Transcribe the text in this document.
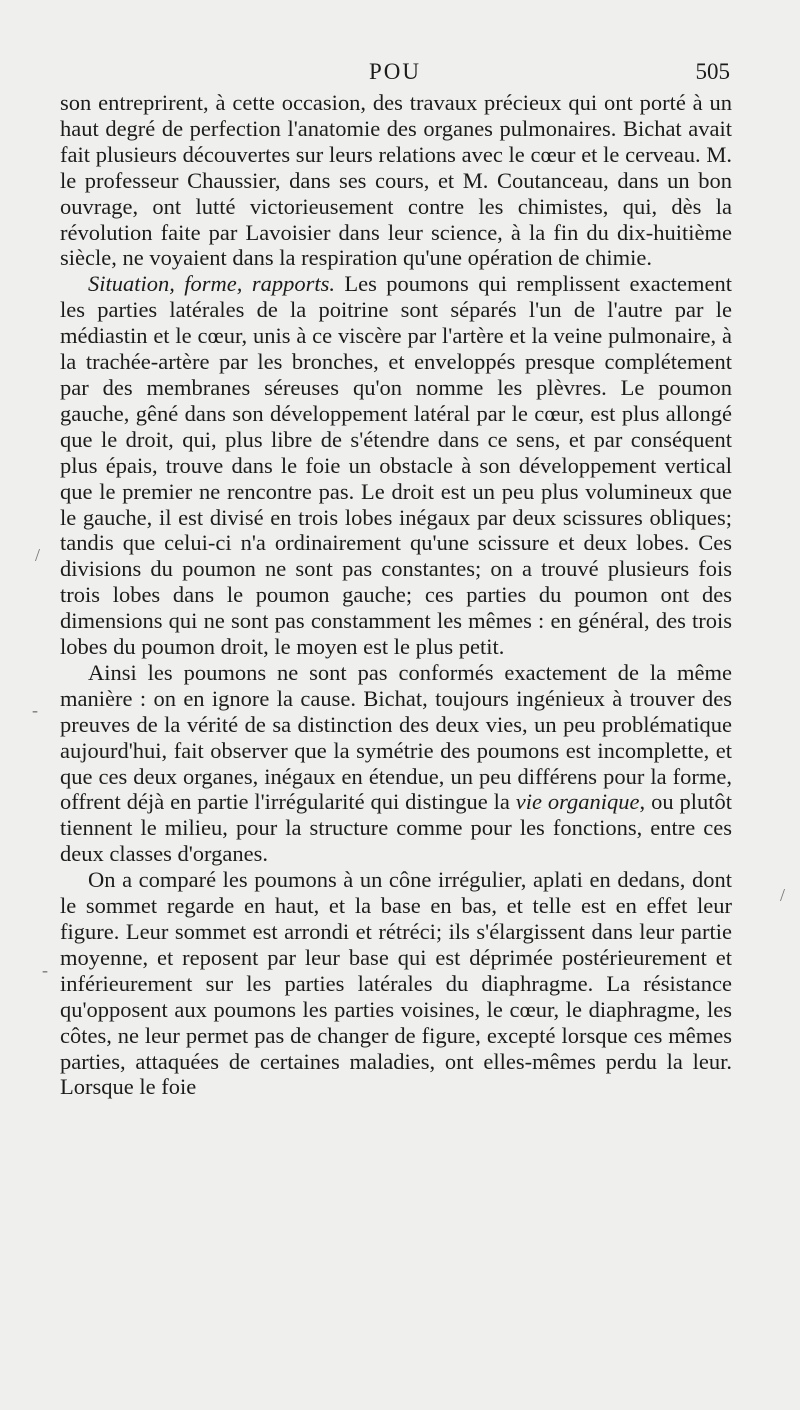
POU	505

son entreprirent, à cette occasion, des travaux précieux qui ont porté à un haut degré de perfection l'anatomie des organes pulmonaires. Bichat avait fait plusieurs découvertes sur leurs relations avec le cœur et le cerveau. M. le professeur Chaussier, dans ses cours, et M. Coutanceau, dans un bon ouvrage, ont lutté victorieusement contre les chimistes, qui, dès la révolution faite par Lavoisier dans leur science, à la fin du dix-huitième siècle, ne voyaient dans la respiration qu'une opération de chimie.

Situation, forme, rapports. Les poumons qui remplissent exactement les parties latérales de la poitrine sont séparés l'un de l'autre par le médiastin et le cœur, unis à ce viscère par l'artère et la veine pulmonaire, à la trachée-artère par les bronches, et enveloppés presque complétement par des membranes séreuses qu'on nomme les plèvres. Le poumon gauche, gêné dans son développement latéral par le cœur, est plus allongé que le droit, qui, plus libre de s'étendre dans ce sens, et par conséquent plus épais, trouve dans le foie un obstacle à son développement vertical que le premier ne rencontre pas. Le droit est un peu plus volumineux que le gauche, il est divisé en trois lobes inégaux par deux scissures obliques; tandis que celui-ci n'a ordinairement qu'une scissure et deux lobes. Ces divisions du poumon ne sont pas constantes; on a trouvé plusieurs fois trois lobes dans le poumon gauche; ces parties du poumon ont des dimensions qui ne sont pas constamment les mêmes : en général, des trois lobes du poumon droit, le moyen est le plus petit.

Ainsi les poumons ne sont pas conformés exactement de la même manière : on en ignore la cause. Bichat, toujours ingénieux à trouver des preuves de la vérité de sa distinction des deux vies, un peu problématique aujourd'hui, fait observer que la symétrie des poumons est incomplette, et que ces deux organes, inégaux en étendue, un peu différens pour la forme, offrent déjà en partie l'irrégularité qui distingue la vie organique, ou plutôt tiennent le milieu, pour la structure comme pour les fonctions, entre ces deux classes d'organes.

On a comparé les poumons à un cône irrégulier, aplati en dedans, dont le sommet regarde en haut, et la base en bas, et telle est en effet leur figure. Leur sommet est arrondi et rétréci; ils s'élargissent dans leur partie moyenne, et reposent par leur base qui est déprimée postérieurement et inférieurement sur les parties latérales du diaphragme. La résistance qu'opposent aux poumons les parties voisines, le cœur, le diaphragme, les côtes, ne leur permet pas de changer de figure, excepté lorsque ces mêmes parties, attaquées de certaines maladies, ont elles-mêmes perdu la leur. Lorsque le foie

/
-
-
/
